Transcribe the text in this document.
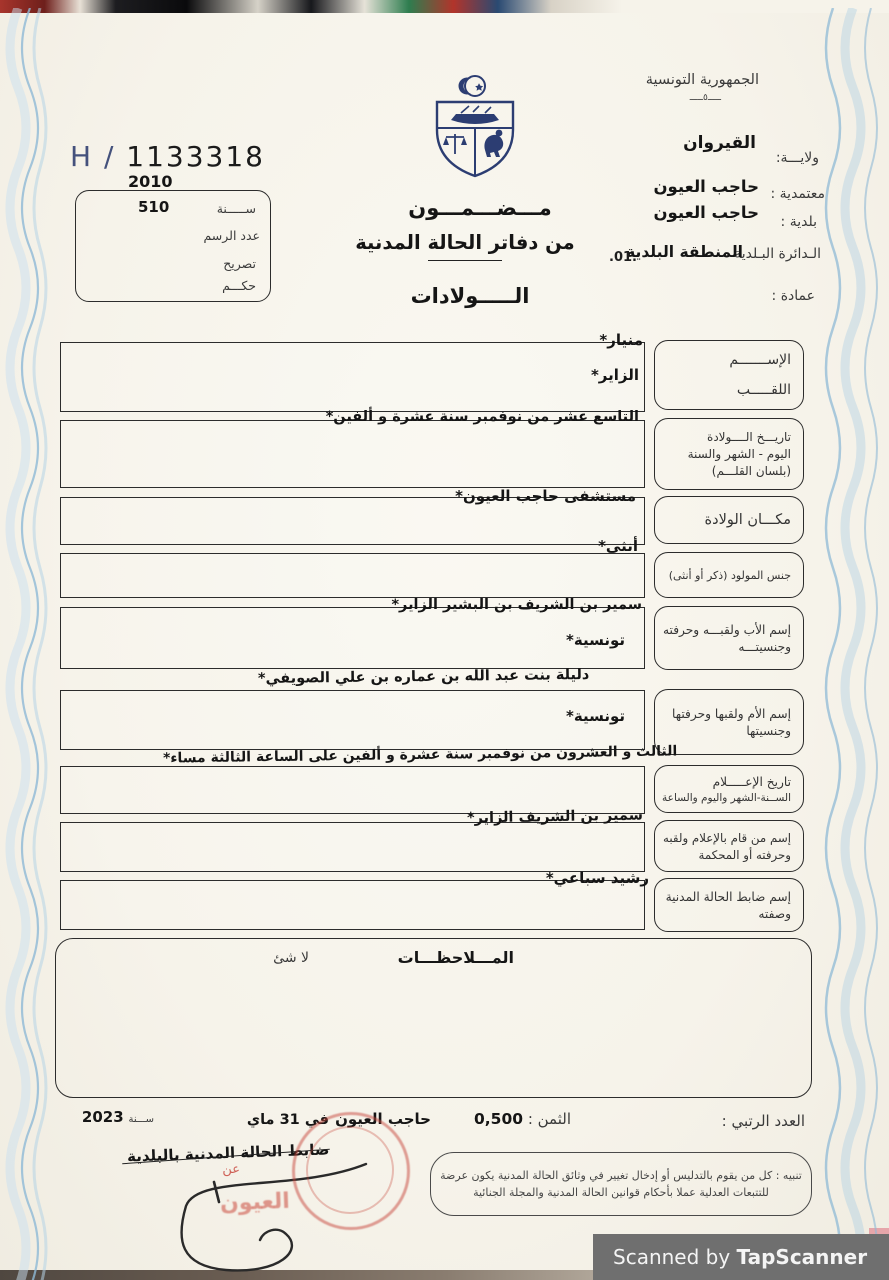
الجمهورية التونسية
ـــــ٥ـــــ
القيروان
ولايـــة:
حاجب العيون معتمدية :
حاجب العيون بلدية :
الـدائرة البـلدية
المنطقة البلدية
.01.
عمادة :
H / 1133318
2010
ســـــنة
510
عدد الرسم
تصريح
حكـــم
مـــضـــمـــون
من دفاتر الحالة المدنية
الـــــولادات
الإســـــــم
اللقـــــب
تاريـــخ الــــولادة
اليوم - الشهر والسنة
(بلسان القلـــم)
مكـــان الولادة
جنس المولود (ذكر أو أنثى)
إسم الأب ولقبـــه وحرفته
وجنسيتـــه
إسم الأم ولقبها وحرفتها
وجنسيتها
تاريخ الإعـــــلام
الســنة-الشهر واليوم والساعة
إسم من قام بالإعلام ولقبه
وحرفته أو المحكمة
إسم ضابط الحالة المدنية
وصفته
منيار*
الزاير*
التاسع عشر من نوفمبر سنة عشرة و ألفين*
مستشفى حاجب العيون*
أنثى*
سمير بن الشريف بن البشير الزاير*
تونسية*
دليلة بنت عبد الله بن عماره بن علي الصويفي*
تونسية*
الثالث و العشرون من نوفمبر سنة عشرة و ألفين على الساعة الثالثة مساء*
سمير بن الشريف الزاير*
رشيد سباعي*
المـــلاحظـــات
لا شئ
العدد الرتبي :
الثمن : 0,500
حاجب العيون
في 31 ماي
ســـنة 2023
ضابط الحالة المدنية بالبلدية
عن
العيون
تنبيه : كل من يقوم بالتدليس أو إدخال تغيير في وثائق الحالة المدنية يكون عرضة
للتتبعات العدلية عملا بأحكام قوانين الحالة المدنية والمجلة الجنائية
Scanned by TapScanner
